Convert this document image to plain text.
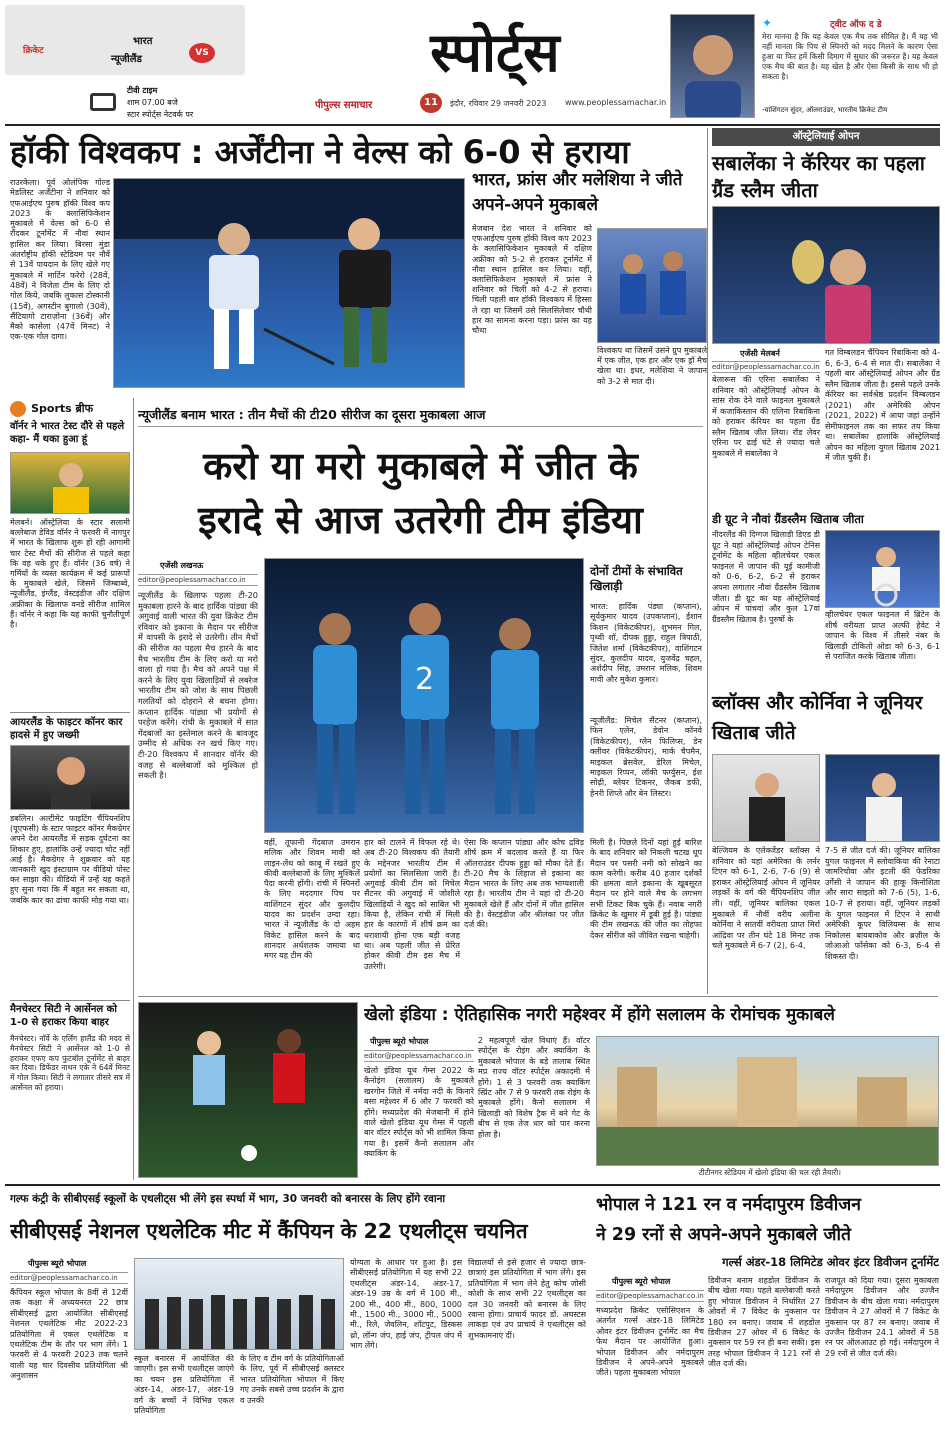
क्रिकेट
भारत
न्यूजीलैंड
VS
टीवी टाइम
शाम 07.00 बजे
स्टार स्पोर्ट्स नेटवर्क पर
स्पोर्ट्स
पीपुल्स समाचार	11	इंदौर, रविवार 29 जनवरी 2023 www.peoplessamachar.in
✦	ट्वीट ऑफ द डे
मेरा मानना है कि यह केवल एक मैच तक सीमित है। मैं यह भी नहीं मानता कि पिच से स्पिनरों को मदद मिलने के कारण ऐसा हुआ या फिर हमें किसी दिमाग में सुधार की जरूरत है। यह केवल एक मैच की बात है। यह खेल है और ऐसा किसी के साथ भी हो सकता है।
-वाशिंगटन सुंदर, ऑलराउंडर, भारतीय क्रिकेट टीम
हॉकी विश्वकप : अर्जेंटीना ने वेल्स को 6-0 से हराया
राउरकेला। पूर्व ओलंपिक गोल्ड मेडलिस्ट अर्जेंटीना ने शनिवार को एफआईएच पुरुष हॉकी विश्व कप 2023 के क्लासिफिकेशन मुकाबले में वेल्स को 6-0 से रौंदकर टूर्नामेंट में नौवां स्थान हासिल कर लिया। बिरसा मुंडा अंतर्राष्ट्रीय हॉकी स्टेडियम पर नौवें से 13वें पायदान के लिए खेले गए मुकाबले में मार्टिन फरेरो (28वें, 48वें) ने विजेता टीम के लिए दो गोल किये, जबकि लुकास टोस्कानी (15वें), अगस्टीन बुगालो (30वें), सैंटियागो टाराज़ोना (36वें) और मैको कासेला (47वें मिनट) ने एक-एक गोल दागा।
भारत, फ्रांस और मलेशिया ने जीते अपने-अपने मुकाबले
मेजबान देश भारत ने शनिवार को एफआईएच पुरुष हॉकी विश्व कप 2023 के क्लासिफिकेशन मुकाबले में दक्षिण अफ्रीका को 5-2 से हराकर टूर्नामेंट में नौवा स्थान हासिल कर लिया। वहीं, क्लासिफिकेशन मुकाबले में फ्रांस ने शनिवार को चिली को 4-2 से हराया। चिली पहली बार हॉकी विश्वकप में हिस्सा ले रहा था जिसमें उसे सिलसिलेवार चौथी हार का सामना करना पड़ा। फ्रांस का यह चौथा
विश्वकप था जिसमें उसने ग्रुप मुकाबले में एक जीत, एक हार और एक ड्रॉ मैच खेला था। इधर, मलेशिया ने जापान को 3-2 से मात दी।
ऑस्ट्रेलियाई ओपन
सबालेंका ने कॅरियर का पहला ग्रैंड स्लैम जीता
एजेंसी मेलबर्न
editor@peoplessamachar.co.in
बेलारूस की एरिना सबालेंका ने शनिवार को ऑस्ट्रेलियाई ओपन के सांस रोक देने वाले फाइनल मुकाबले में कजाकिस्तान की एलिना रिबाकिना को हराकर कॅरियर का पहला ग्रैंड स्लैम खिताब जीत लिया। रॉड लेवर एरिना पर ढाई घंटे से ज्यादा चले मुकाबले में सबालेंका ने
गत विम्बलडन चैंपियन रिबाकिना को 4-6, 6-3, 6-4 से मात दी। सबालेंका ने पहली बार ऑस्ट्रेलियाई ओपन और ग्रैंड स्लैम खिताब जीता है। इससे पहले उनके कॅरियर का सर्वश्रेष्ठ प्रदर्शन विम्बलडन (2021) और अमेरिकी ओपन (2021, 2022) में आया जहां उन्होंने सेमीफाइनल तक का सफर तय किया था। सबालेंका हालांकि ऑस्ट्रेलियाई ओपन का महिला युगल खिताब 2021 में जीत चुकी हैं।
डी ग्रूट ने नौवां ग्रैंडस्लैम खिताब जीता
नीदरलैंड की दिग्गज खिलाड़ी डिएड डी ग्रूट ने यहां ऑस्ट्रेलियाई ओपन टेनिस टूर्नामेंट के महिला व्हीलचेयर एकल फाइनल में जापान की यूई कामीजी को 0-6, 6-2, 6-2 से हराकर अपना लगातार नौवां ग्रैंडस्लैम खिताब जीता। डी ग्रूट का यह ऑस्ट्रेलियाई ओपन में पांचवां और कुल 17वां ग्रैंडस्लैम खिताब है। पुरुषों के
व्हीलचेयर एकल फाइनल में ब्रिटेन के शीर्ष वरीयता प्राप्त अल्फी हेवेट ने जापान के विश्व में तीसरे नंबर के खिलाड़ी टोकितो ओडा को 6-3, 6-1 से पराजित करके खिताब जीता।
ब्लॉक्स और कोर्निवा ने जूनियर खिताब जीते
बेल्जियम के एलेक्जेंडर ब्लॉक्स ने शनिवार को यहां अमेरिका के लर्नर टिएन को 6-1, 2-6, 7-6 (9) से हराकर ऑस्ट्रेलियाई ओपन में जूनियर लड़कों के वर्ग की चैंपियनशिप जीत ली। वहीं, जूनियर बालिका एकल मुकाबले में नौवीं वरीय अलीना कोर्निवा ने सातवीं वरीयता प्राप्त मिर्रा आंद्रिवा पर तीन घंटे 18 मिनट तक चले मुकाबले में 6-7 (2), 6-4,
7-5 से जीत दर्ज की। जूनियर बालिका युगल फाइनल में स्लोवाकिया की रेनाटा जामरिचोवा और इटली की फेडरिका उर्गेसी ने जापान की हाकू किनोशिता और सारा साइतो को 7-6 (5), 1-6, 10-7 से हराया। वहीं, जूनियर लड़कों के युगल फाइनल में टिएन ने साथी अमेरिकी कूपर विलियम्स के साथ निकोलस बायबाकोव और ब्रज़ील के जोआओ फोंसेका को 6-3, 6-4 से शिकस्त दी।
Sports ब्रीफ
वॉर्नर ने भारत टेस्ट दौरे से पहले कहा- मैं थका हुआ हूं
मेलबर्न। ऑस्ट्रेलिया के स्टार सलामी बल्लेबाज डेविड वॉर्नर ने फरवरी में नागपुर में भारत के खिलाफ शुरू हो रही आगामी चार टेस्ट मैचों की सीरीज से पहले कहा कि वह थके हुए हैं। वॉर्नर (36 वर्ष) ने गर्मियों के व्यस्त कार्यक्रम में कई प्रारूपों के मुकाबले खेले, जिसमें जिम्बाब्वे, न्यूजीलैंड, इंग्लैंड, वेस्टइंडीज और दक्षिण अफ्रीका के खिलाफ वनडे सीरीज शामिल हैं। वॉर्नर ने कहा कि यह काफी चुनौतीपूर्ण है।
आयरलैंड के फाइटर कॉनर कार हादसे में हुए जख्मी
डबलिन। अल्टीमेट फाइटिंग चैंपियनशिप (यूएफसी) के स्टार फाइटर कॉनर मैकग्रेगर अपने देश आयरलैंड में सड़क दुर्घटना का शिकार हुए, हालांकि उन्हें ज्यादा चोट नहीं आई है। मैकग्रेगर ने शुक्रवार को यह जानकारी खुद इंस्टाग्राम पर वीडियो पोस्ट कर साझा की। वीडियो में उन्हें यह कहते हुए सुना गया कि मैं बहुत मर सकता था, जबकि कार का ढांचा काफी मोड़ गया था।
मैनचेस्टर सिटी ने आर्सेनल को 1-0 से हराकर किया बाहर
मैनचेस्टर। नॉर्वे के एर्लिंग हालैंड की मदद से मैनचेस्टर सिटी ने आर्सेनल को 1-0 से हराकर एफए कप फुटबॉल टूर्नामेंट से बाहर कर दिया। डिफेंडर नाथन एके ने 64वें मिनट में गोल किया। सिटी ने लगातार तीसरे सत्र में आर्सेनल को हराया।
न्यूजीलैंड बनाम भारत : तीन मैचों की टी20 सीरीज का दूसरा मुकाबला आज
करो या मरो मुकाबले में जीत के
इरादे से आज उतरेगी टीम इंडिया
एजेंसी लखनऊ
editor@peoplessamachar.co.in
न्यूजीलैंड के खिलाफ पहला टी-20 मुकाबला हारने के बाद हार्दिक पांड्या की अगुवाई वाली भारत की युवा क्रिकेट टीम रविवार को इकाना के मैदान पर सीरीज में वापसी के इरादे से उतरेगी। तीन मैचों की सीरीज का पहला मैच हारने के बाद मैच भारतीय टीम के लिए करो या मरो वाला हो गया है। मैच को अपने पक्ष में करने के लिए युवा खिलाड़ियों से लबरेज भारतीय टीम को जोश के साथ पिछली गलतियों को दोहराने से बचना होगा। कप्तान हार्दिक पांड्या भी प्रयोगों से परहेज करेंगे। रांची के मुकाबले में सात गेंदबाजों का इस्तेमाल करने के बावजूद उम्मीद से अधिक रन खर्च किए गए। टी-20 विश्वकप में शानदार वॉर्नर की वजह से बल्लेबाजों को मुश्किल हो सकती है।
2
दोनों टीमों के संभावित खिलाड़ी
भारत: हार्दिक पंड्या (कप्तान), सूर्यकुमार यादव (उपकप्तान), ईशान किशन (विकेटकीपर), शुभमन गिल, पृथ्वी शॉ, दीपक हुड्डा, राहुल त्रिपाठी, जितेश शर्मा (विकेटकीपर), वाशिंगटन सुंदर, कुलदीप यादव, युजवेंद्र चहल, अर्शदीप सिंह, उमरान मलिक, शिवम मावी और मुकेश कुमार।
न्यूजीलैंड: मिचेल सैंटनर (कप्तान), फिन एलेन, डेवोन कॉनवे (विकेटकीपर), ग्लेन फिलिप्स, डेन क्लीवर (विकेटकीपर), मार्क चैपमैन, माइकल ब्रेसवेल, डेरिल मिचेल, माइकल रिप्पन, लॉकी फर्ग्युसन, ईश सोढ़ी, ब्लेयर टिकनर, जैकब डफी, हेनरी शिप्ले और बेन लिस्टर।
वहीं, तूफानी गेंदबाज उमरान मलिक और शिवम मावी को लाइन-लेंथ को काबू में रखते हुए कीवी बल्लेबाजों के लिए मुश्किलें पैदा करनी होंगी। रांची में स्पिनरों के लिए मददगार पिच पर वाशिंगटन सुंदर और कुलदीप यादव का प्रदर्शन उम्दा रहा। भारत ने न्यूजीलैंड के दो अहम विकेट हासिल करने के बाद शानदार अर्धशतक जमाया था मगर यह टीम की
हार को टालने में विफल रहे थे। अब टी-20 विश्वकप की तैयारी के मद्देनजर भारतीय टीम में प्रयोगों का सिलसिला जारी है। अगुवाई कीवी टीम को मिचेल सैंटनर की अगुवाई में जोशीले खिलाड़ियों ने खुद को साबित भी किया है, लेकिन रांची में मिली हार के कारणों में शीर्ष क्रम का धराशायी होना एक बड़ी वजह था। अब पहली जीत से प्रेरित होकर कीवी टीम इस मैच में उतरेगी।
ऐसा कि कप्तान पांड्या और कोच द्रविड़ शीर्ष क्रम में बदलाव करते हैं या फिर ऑलराउंडर दीपक हुड्डा को मौका देते हैं। टी-20 मैच के लिहाज से इकाना का मैदान भारत के लिए अब तक भाग्यशाली रहा है। भारतीय टीम ने यहां दो टी-20 मुकाबले खेले हैं और दोनों में जीत हासिल की है। वेस्टइंडीज और श्रीलंका पर जीत दर्ज की।
मिली है। पिछले दिनों यहां हुई बारिश के बाद शनिवार को निकली चटख धूप मैदान पर पसरी नमी को सोखने का काम करेगी। करीब 40 हजार दर्शकों की क्षमता वाले इकाना के खूबसूरत मैदान पर होने वाले मैच के लगभग सभी टिकट बिक चुके हैं। नवाब नगरी क्रिकेट के खुमार में डूबी हुई है। पांड्या की टीम लखनऊ की जीत का तोहफा देकर सीरीज को जीवित रखना चाहेगी।
खेलो इंडिया : ऐतिहासिक नगरी महेश्वर में होंगे सलालम के रोमांचक मुकाबले
पीपुल्स ब्यूरो भोपाल
editor@peoplessamachar.co.in
खेलो इंडिया यूथ गेम्स 2022 के कैनोइंग (सलालम) के मुकाबले खरगोन जिले में नर्मदा नदी के किनारे बसा महेश्वर में 6 और 7 फरवरी को होंगे। मध्यप्रदेश की मेजबानी में होने वाले खेलो इंडिया यूथ गेम्स में पहली बार वॉटर स्पोर्ट्स को भी शामिल किया गया है। इसमें कैनो सलालम और क्याकिंग के
2 महत्वपूर्ण खेल विधाएं हैं। वॉटर स्पोर्ट्स के रोइंग और क्याकिंग के मुकाबले भोपाल के बड़े तालाब स्थित मप्र राज्य वॉटर स्पोर्ट्स अकादमी में होंगे। 1 से 3 फरवरी तक क्याकिंग स्प्रिंट और 7 से 9 फरवरी तक रोइंग के मुकाबले होंगे। कैनो सलालम में खिलाड़ी को विशेष ट्रैक में बने गेट के बीच से एक तेज धार को पार करना होता है।
टीटीनगर स्टेडियम में खेलो इंडिया की चल रही तैयारी।
गल्फ कंट्री के सीबीएसई स्कूलों के एथलीट्स भी लेंगे इस स्पर्धा में भाग, 30 जनवरी को बनारस के लिए होंगे रवाना
सीबीएसई नेशनल एथलेटिक मीट में कैंपियन के 22 एथलीट्स चयनित
पीपुल्स ब्यूरो भोपाल
editor@peoplessamachar.co.in
कैंपियन स्कूल भोपाल के 8वीं से 12वीं तक कक्षा में अध्ययनरत 22 छात्र सीबीएसई द्वारा आयोजित सीबीएसई नेशनल एथलेटिक मीट 2022-23 प्रतियोगिता में एकल एथलेटिक व एथलेटिक टीम के तौर पर भाग लेंगे। 1 फरवरी से 4 फरवरी 2023 तक चलने वाली यह चार दिवसीय प्रतियोगिता श्री अनुशासन
स्कूल बनारस में आयोजित की जाएगी। इस सभी एथलीट्स जाएंगे का चयन इस प्रतियोगिता में अंडर-14, अंडर-17, अंडर-19 वर्ग के बच्चों ने विभिन्न एकल प्रतियोगिता
के लिए व टीम वर्ग के प्रतियोगिताओं के लिए, पूर्व में सीबीएसई क्लस्टर भारत प्रतियोगिता भोपाल में किए गए उनके सबसे उच्च प्रदर्शन के द्वारा व उनकी
योग्यता के आधार पर हुआ है। इस सीबीएसई प्रतियोगिता में यह सभी 22 एथलीट्स अंडर-14, अंडर-17, अंडर-19 उम्र के वर्ग में 100 मी., 200 मी., 400 मी., 800, 1000 मी., 1500 मी., 3000 मी., 5000 मी., रिले, जेवलिन, शॉटपुट, डिस्कस थ्रो, लॉन्ग जंप, हाई जंप, ट्रीपल जंप में भाग लेंगे।
विद्यालयों से इसे हजार से ज्यादा छात्र-छात्राएं इस प्रतियोगिता में भाग लेंगे। इस प्रतियोगिता में भाग लेने हेतु कोच जोसी कोशी के साथ सभी 22 एथलीट्स का दल 30 जनवरी को बनारस के लिए रवाना होगा। प्राचार्य फादर डॉ. अघस्टस लाकड़ा एवं उप प्राचार्य ने एथलीट्स को शुभकामनाएं दीं।
भोपाल ने 121 रन व नर्मदापुरम डिवीजन
ने 29 रनों से अपने-अपने मुकाबले जीते
गर्ल्स अंडर-18 लिमिटेड ओवर इंटर डिवीजन टूर्नामेंट
पीपुल्स ब्यूरो भोपाल
editor@peoplessamachar.co.in
मध्यप्रदेश क्रिकेट एसोसिएशन के अंतर्गत गर्ल्स अंडर-18 लिमिटेड ओवर इंटर डिवीजन टूर्नामेंट का मैच फेथ मैदान पर आयोजित हुआ। भोपाल डिवीजन और नर्मदापुरम डिवीजन ने अपने-अपने मुकाबले जीते। पहला मुकाबला भोपाल
डिवीजन बनाम शहडोल डिवीजन के बीच खेला गया। पहले बल्लेबाजी करते हुए भोपाल डिवीजन ने निर्धारित 27 ओवरों में 7 विकेट के नुकसान पर 180 रन बनाए। जवाब में शहडोल डिवीजन 27 ओवर में 6 विकेट के नुकसान पर 59 रन ही बना सकी। इस तरह भोपाल डिवीजन ने 121 रनों से जीत दर्ज की।
राजपूत को दिया गया। दूसरा मुकाबला नर्मदापुरम डिवीजन और उज्जैन डिवीजन के बीच खेला गया। नर्मदापुरम डिवीजन ने 27 ओवरों में 7 विकेट के नुकसान पर 87 रन बनाए। जवाब में उज्जैन डिवीजन 24.1 ओवरों में 58 रन पर ऑलआउट हो गई। नर्मदापुरम ने 29 रनों से जीत दर्ज की।
